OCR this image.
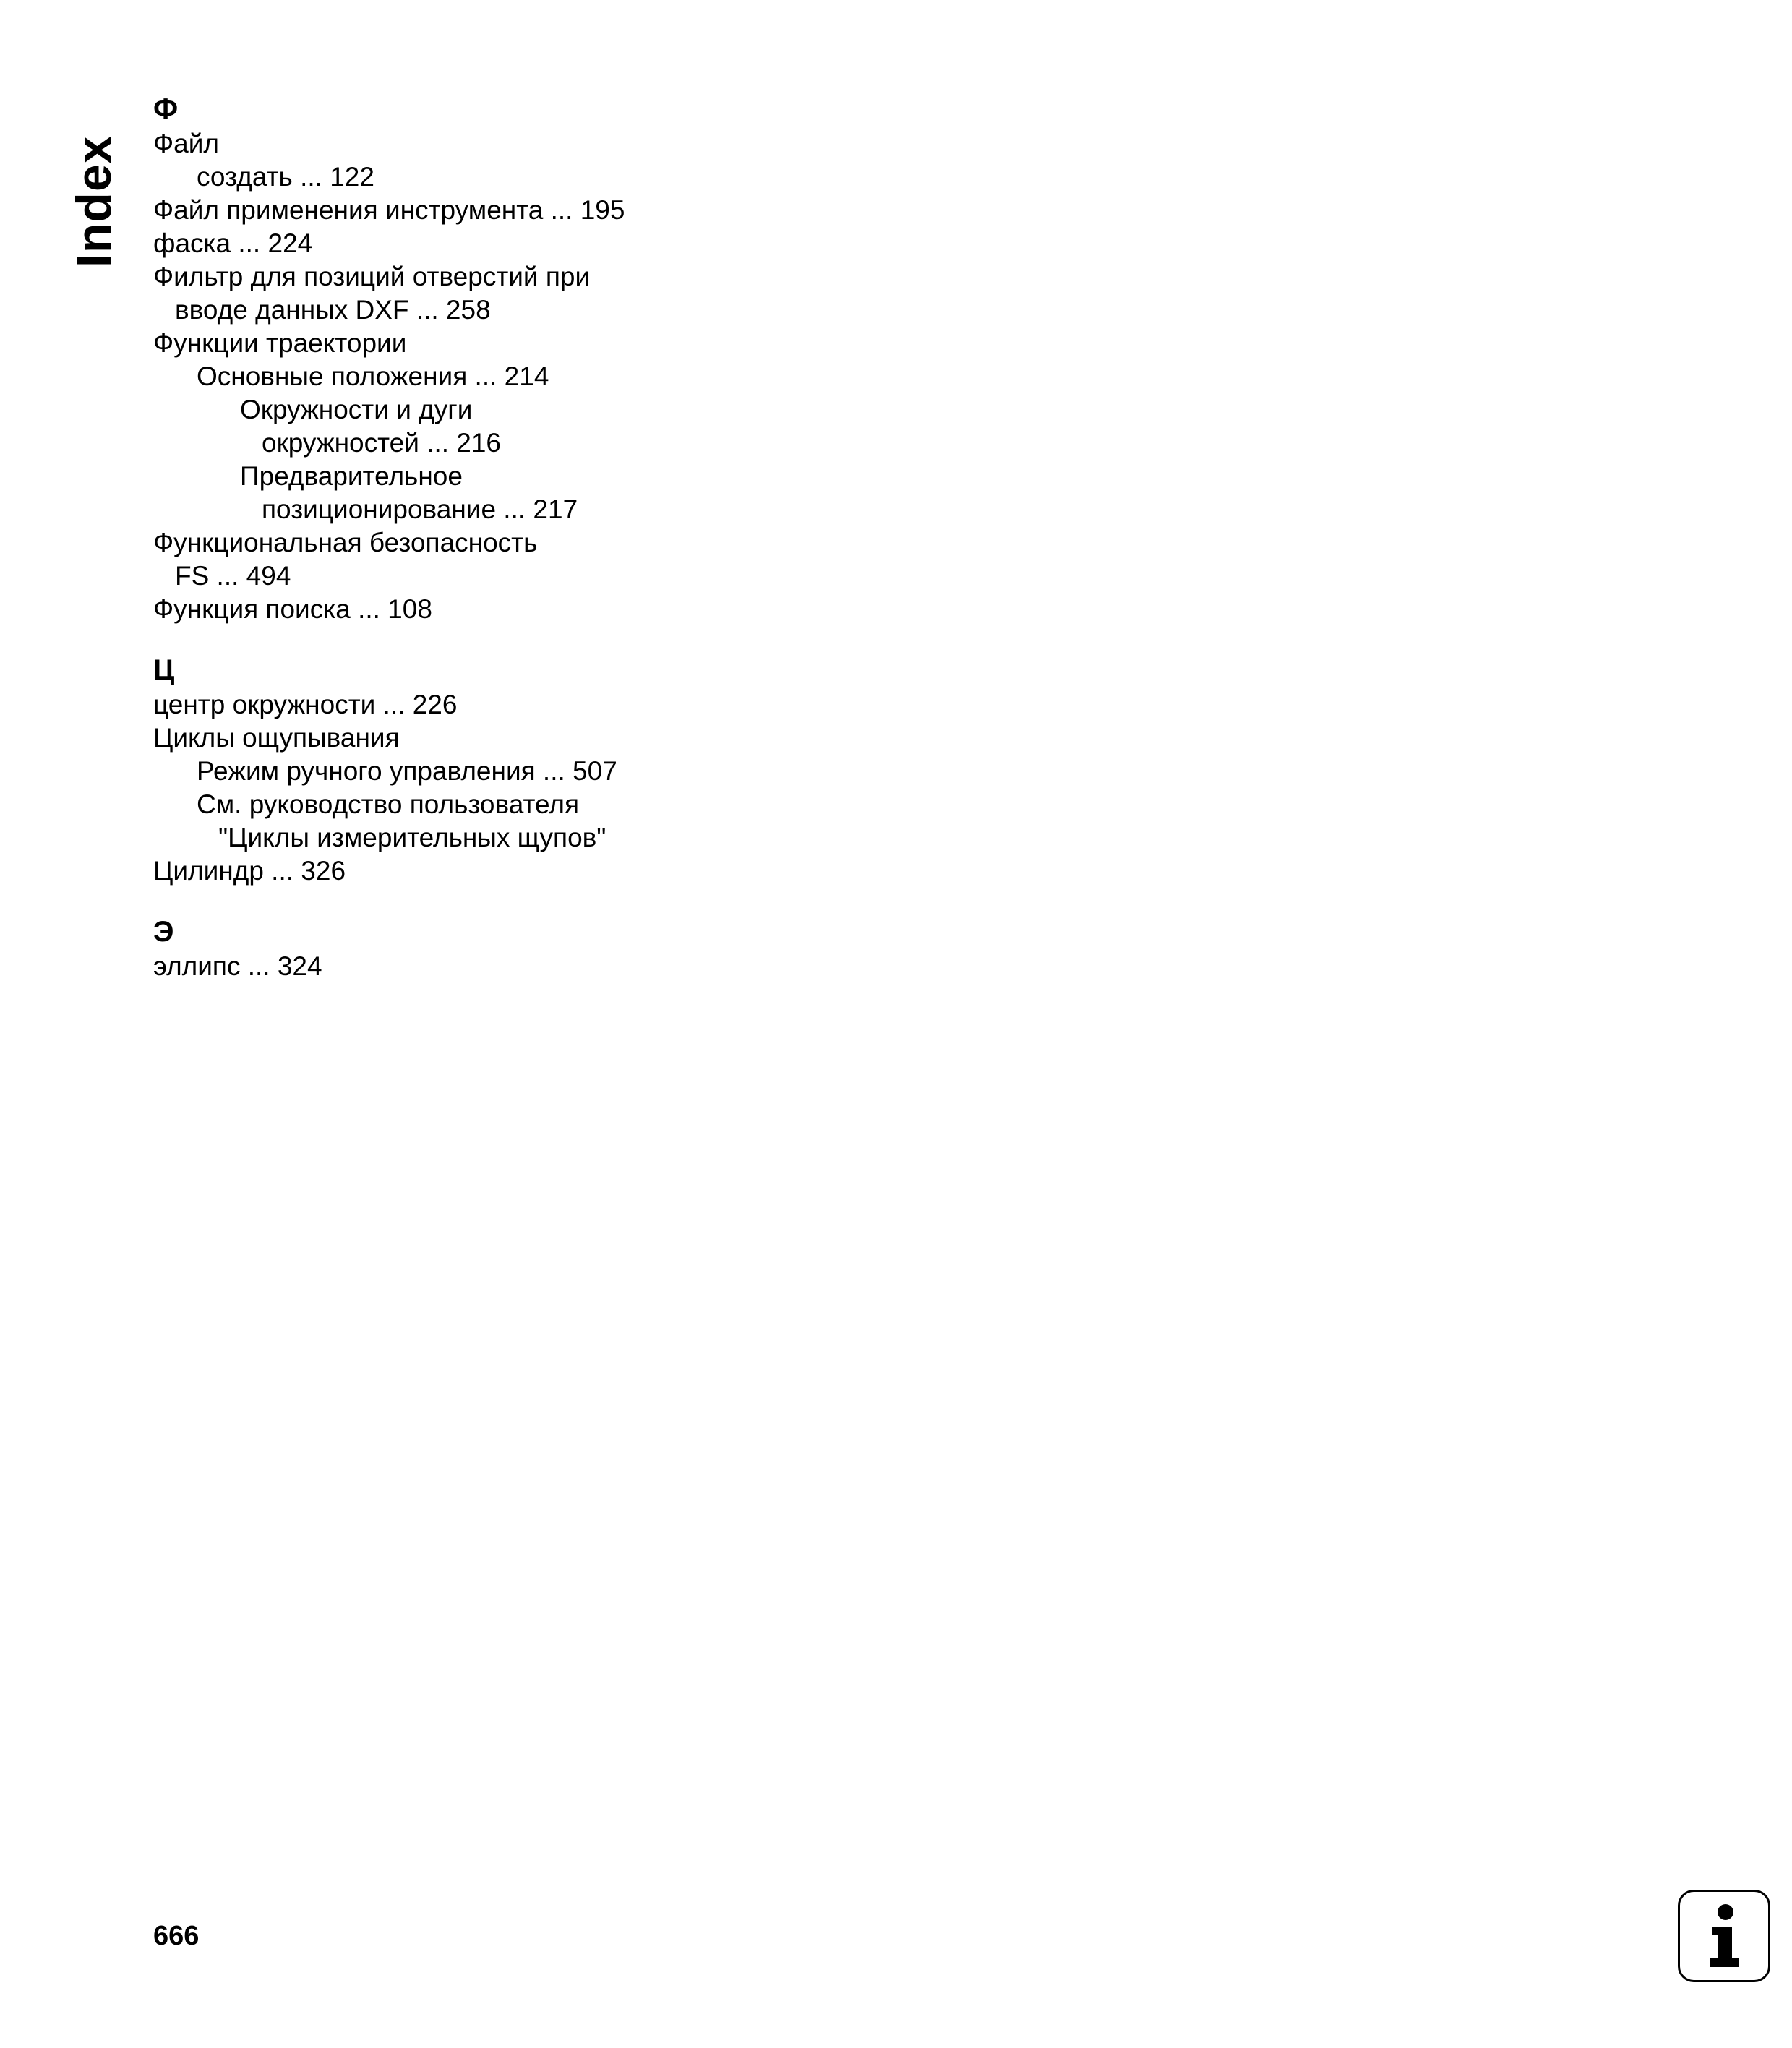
Index
Ф
Файл
создать ... 122
Файл применения инструмента ... 195
фаска ... 224
Фильтр для позиций отверстий при
вводе данных DXF ... 258
Функции траектории
Основные положения ... 214
Окружности и дуги
окружностей ... 216
Предварительное
позиционирование ... 217
Функциональная безопасность
FS ... 494
Функция поиска ... 108
Ц
центр окружности ... 226
Циклы ощупывания
Режим ручного управления ... 507
См. руководство пользователя
"Циклы измерительных щупов"
Цилиндр ... 326
Э
эллипс ... 324
666
